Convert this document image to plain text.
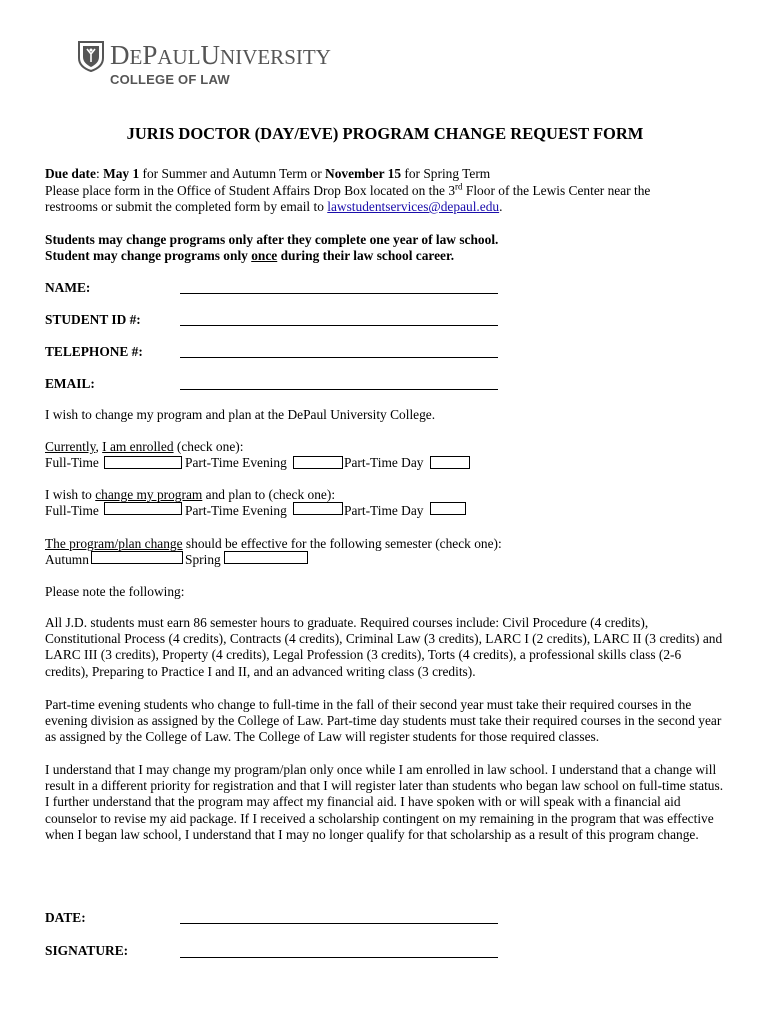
DEPAULUNIVERSITY
COLLEGE OF LAW
JURIS DOCTOR (DAY/EVE) PROGRAM CHANGE REQUEST FORM
Due date: May 1 for Summer and Autumn Term or November 15 for Spring Term
Please place form in the Office of Student Affairs Drop Box located on the 3rd Floor of the Lewis Center near the
restrooms or submit the completed form by email to lawstudentservices@depaul.edu.
Students may change programs only after they complete one year of law school.
Student may change programs only once during their law school career.
NAME:
STUDENT ID #:
TELEPHONE #:
EMAIL:
I wish to change my program and plan at the DePaul University College.
Currently, I am enrolled (check one):
Full-Time	Part-Time Evening	Part-Time Day
I wish to change my program and plan to (check one):
Full-Time	Part-Time Evening	Part-Time Day
The program/plan change should be effective for the following semester (check one):
Autumn	Spring
Please note the following:
All J.D. students must earn 86 semester hours to graduate. Required courses include: Civil Procedure (4 credits), Constitutional Process (4 credits), Contracts (4 credits), Criminal Law (3 credits), LARC I (2 credits), LARC II (3 credits) and LARC III (3 credits), Property (4 credits), Legal Profession (3 credits), Torts (4 credits), a professional skills class (2-6 credits), Preparing to Practice I and II, and an advanced writing class (3 credits).
Part-time evening students who change to full-time in the fall of their second year must take their required courses in the evening division as assigned by the College of Law. Part-time day students must take their required courses in the second year as assigned by the College of Law. The College of Law will register students for those required classes.
I understand that I may change my program/plan only once while I am enrolled in law school. I understand that a change will result in a different priority for registration and that I will register later than students who began law school on full-time status. I further understand that the program may affect my financial aid. I have spoken with or will speak with a financial aid counselor to revise my aid package. If I received a scholarship contingent on my remaining in the program that was effective when I began law school, I understand that I may no longer qualify for that scholarship as a result of this program change.
DATE:
SIGNATURE:
